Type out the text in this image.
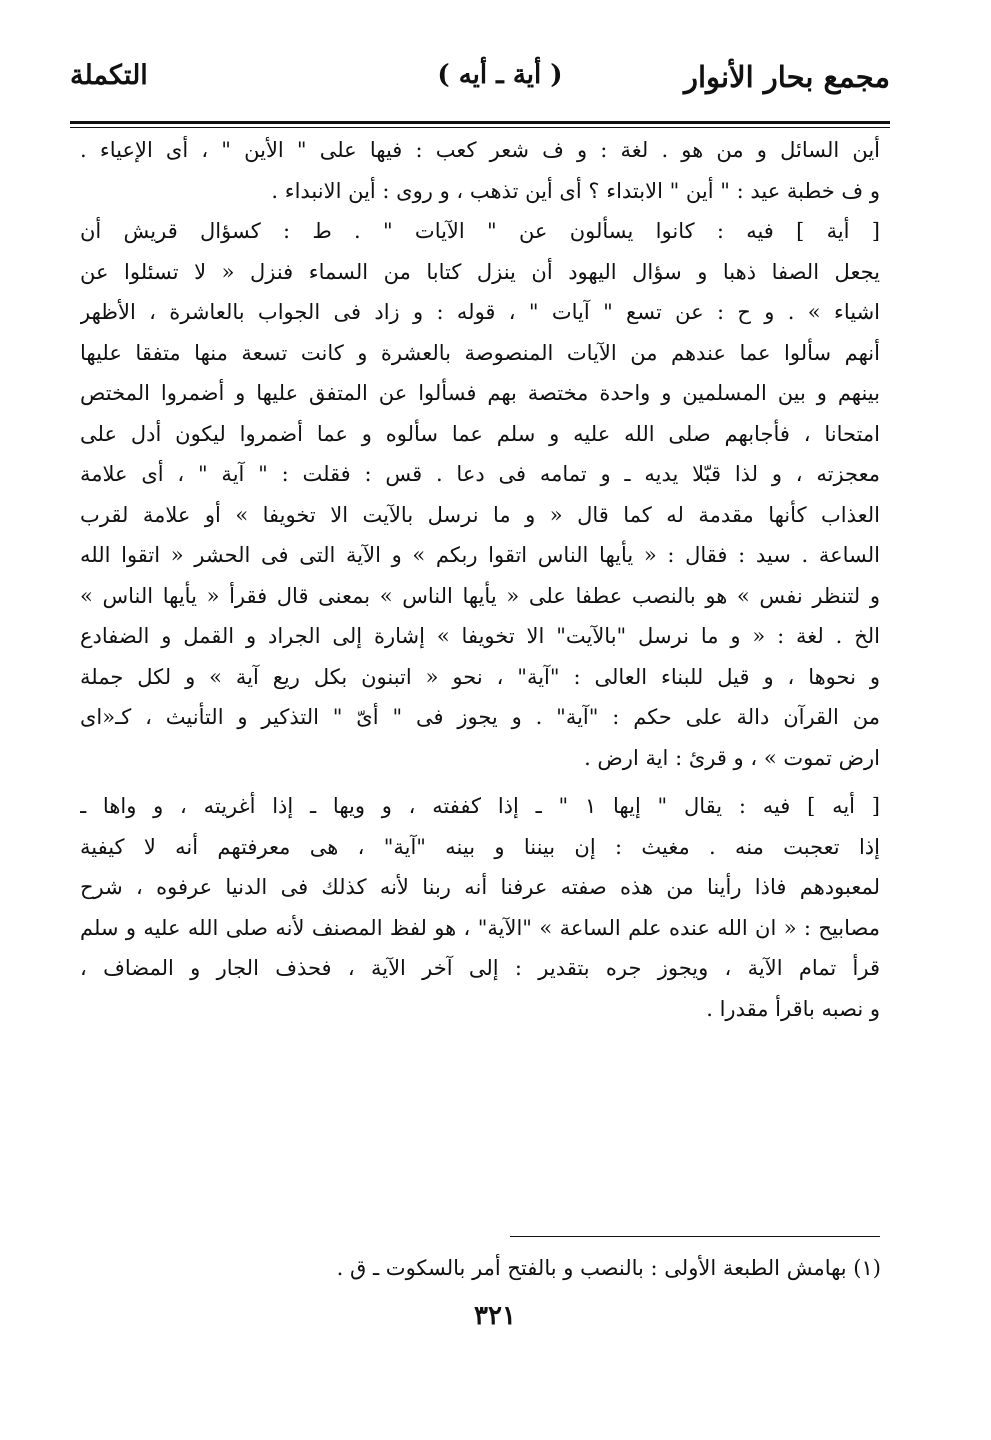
مجمع بحار الأنوار
( أية ـ أيه )
التكملة
أين السائل و من هو . لغة : و ف شعر كعب : فيها على " الأين " ، أى الإعياء .
و ف خطبة عيد : " أين " الابتداء ؟ أى أين تذهب ، و روى : أين الانبداء .
[ أية ] فيه : كانوا يسألون عن " الآيات " . ط : كسؤال قريش أن
يجعل الصفا ذهبا و سؤال اليهود أن ينزل كتابا من السماء فنزل « لا تسئلوا عن
اشياء » . و ح : عن تسع " آيات " ، قوله : و زاد فى الجواب بالعاشرة ، الأظهر
أنهم سألوا عما عندهم من الآيات المنصوصة بالعشرة و كانت تسعة منها متفقا عليها
بينهم و بين المسلمين و واحدة مختصة بهم فسألوا عن المتفق عليها و أضمروا المختص
امتحانا ، فأجابهم صلى الله عليه و سلم عما سألوه و عما أضمروا ليكون أدل على
معجزته ، و لذا قبّلا يديه ـ و تمامه فى دعا . قس : فقلت : " آية " ، أى علامة
العذاب كأنها مقدمة له كما قال « و ما نرسل بالآيت الا تخويفا » أو علامة لقرب
الساعة . سيد : فقال : « يأيها الناس اتقوا ربكم » و الآية التى فى الحشر « اتقوا الله
و لتنظر نفس » هو بالنصب عطفا على « يأيها الناس » بمعنى قال فقرأ « يأيها الناس »
الخ . لغة : « و ما نرسل "بالآيت" الا تخويفا » إشارة إلى الجراد و القمل و الضفادع
و نحوها ، و قيل للبناء العالى : "آية" ، نحو « اتبنون بكل ريع آية » و لكل جملة
من القرآن دالة على حكم : "آية" . و يجوز فى " أىّ " التذكير و التأنيث ، كـ«اى
ارض تموت » ، و قرئ : اية ارض .
[ أيه ] فيه : يقال " إيها ١ " ـ إذا كففته ، و ويها ـ إذا أغريته ، و واها ـ
إذا تعجبت منه . مغيث : إن بيننا و بينه "آية" ، هى معرفتهم أنه لا كيفية
لمعبودهم فاذا رأينا من هذه صفته عرفنا أنه ربنا لأنه كذلك فى الدنيا عرفوه ، شرح
مصابيح : « ان الله عنده علم الساعة » "الآية" ، هو لفظ المصنف لأنه صلى الله عليه و سلم
قرأ تمام الآية ، ويجوز جره بتقدير : إلى آخر الآية ، فحذف الجار و المضاف ،
و نصبه باقرأ مقدرا .
(١) بهامش الطبعة الأولى : بالنصب و بالفتح أمر بالسكوت ـ ق .
٣٢١
